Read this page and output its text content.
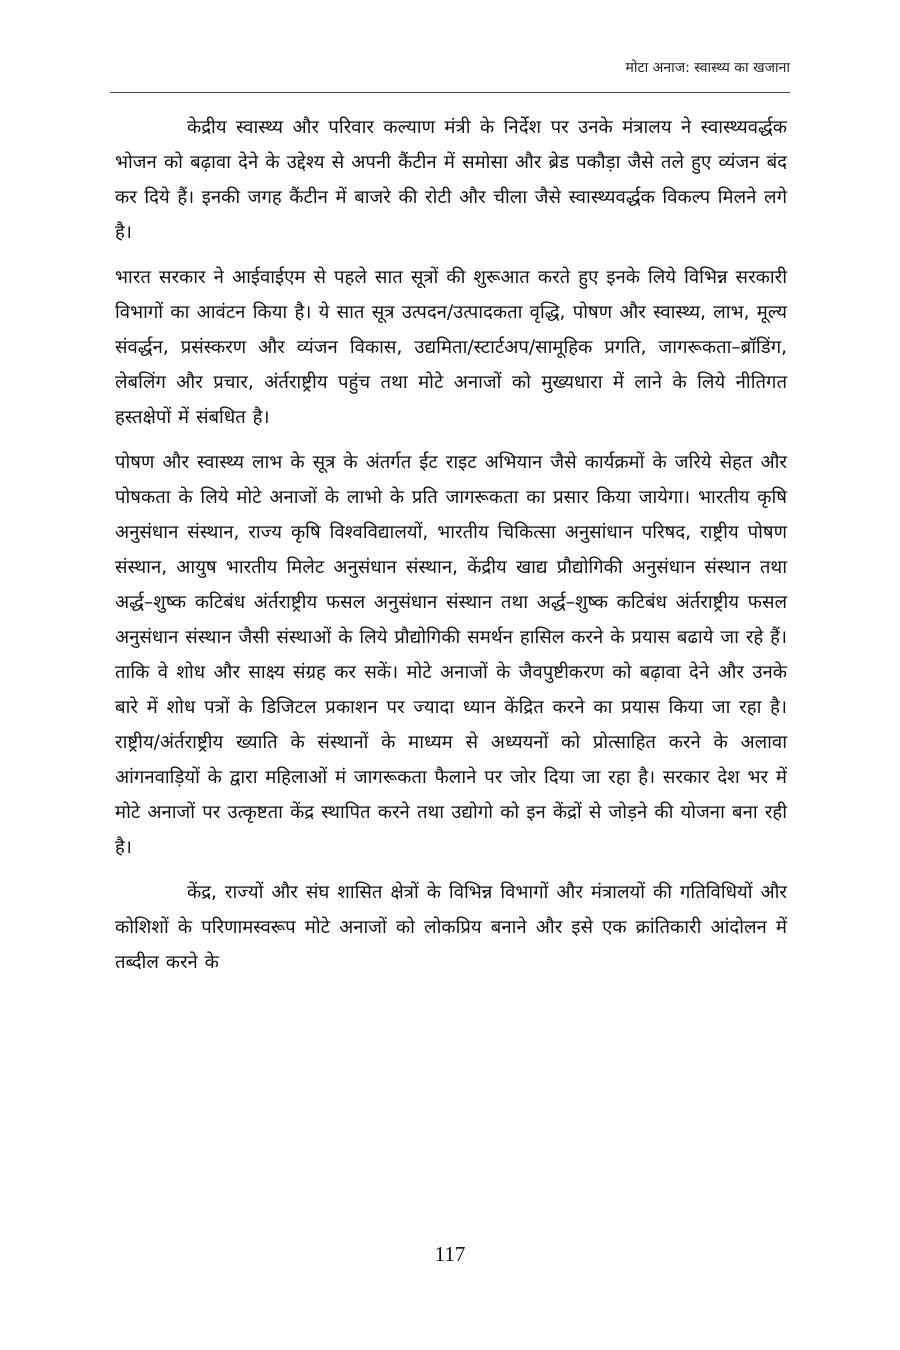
मोटा अनाज: स्वास्थ्य का खजाना

केद्रीय स्वास्थ्य और परिवार कल्याण मंत्री के निर्देश पर उनके मंत्रालय ने स्वास्थ्यवर्द्धक भोजन को बढ़ावा देने के उद्देश्य से अपनी कैंटीन में समोसा और ब्रेड पकौड़ा जैसे तले हुए व्यंजन बंद कर दिये हैं। इनकी जगह कैंटीन में बाजरे की रोटी और चीला जैसे स्वास्थ्यवर्द्धक विकल्प मिलने लगे है।

भारत सरकार ने आईवाईएम से पहले सात सूत्रों की शुरूआत करते हुए इनके लिये विभिन्न सरकारी विभागों का आवंटन किया है। ये सात सूत्र उत्पदन/उत्पादकता वृद्धि, पोषण और स्वास्थ्य, लाभ, मूल्य संवर्द्धन, प्रसंस्करण और व्यंजन विकास, उद्यमिता/स्टार्टअप/सामूहिक प्रगति, जागरूकता–ब्रॉडिंग, लेबलिंग और प्रचार, अंर्तराष्ट्रीय पहुंच तथा मोटे अनाजों को मुख्यधारा में लाने के लिये नीतिगत हस्तक्षेपों में संबधित है।

पोषण और स्वास्थ्य लाभ के सूत्र के अंतर्गत ईट राइट अभियान जैसे कार्यक्रमों के जरिये सेहत और पोषकता के लिये मोटे अनाजों के लाभो के प्रति जागरूकता का प्रसार किया जायेगा। भारतीय कृषि अनुसंधान संस्थान, राज्य कृषि विश्वविद्यालयों, भारतीय चिकित्सा अनुसांधान परिषद, राष्ट्रीय पोषण संस्थान, आयुष भारतीय मिलेट अनुसंधान संस्थान, केंद्रीय खाद्य प्रौद्योगिकी अनुसंधान संस्थान तथा अर्द्ध–शुष्क कटिबंध अंर्तराष्ट्रीय फसल अनुसंधान संस्थान तथा अर्द्ध–शुष्क कटिबंध अंर्तराष्ट्रीय फसल अनुसंधान संस्थान जैसी संस्थाओं के लिये प्रौद्योगिकी समर्थन हासिल करने के प्रयास बढाये जा रहे हैं। ताकि वे शोध और साक्ष्य संग्रह कर सकें। मोटे अनाजों के जैवपुष्टीकरण को बढ़ावा देने और उनके बारे में शोध पत्रों के डिजिटल प्रकाशन पर ज्यादा ध्यान केंद्रित करने का प्रयास किया जा रहा है। राष्ट्रीय/अंर्तराष्ट्रीय ख्याति के संस्थानों के माध्यम से अध्ययनों को प्रोत्साहित करने के अलावा आंगनवाड़ियों के द्वारा महिलाओं मं जागरूकता फैलाने पर जोर दिया जा रहा है। सरकार देश भर में मोटे अनाजों पर उत्कृष्टता केंद्र स्थापित करने तथा उद्योगो को इन केंद्रों से जोड़ने की योजना बना रही है।

केंद्र, राज्यों और संघ शासित क्षेत्रों के विभिन्न विभागों और मंत्रालयों की गतिविधियों और कोशिशों के परिणामस्वरूप मोटे अनाजों को लोकप्रिय बनाने और इसे एक क्रांतिकारी आंदोलन में तब्दील करने के

117
